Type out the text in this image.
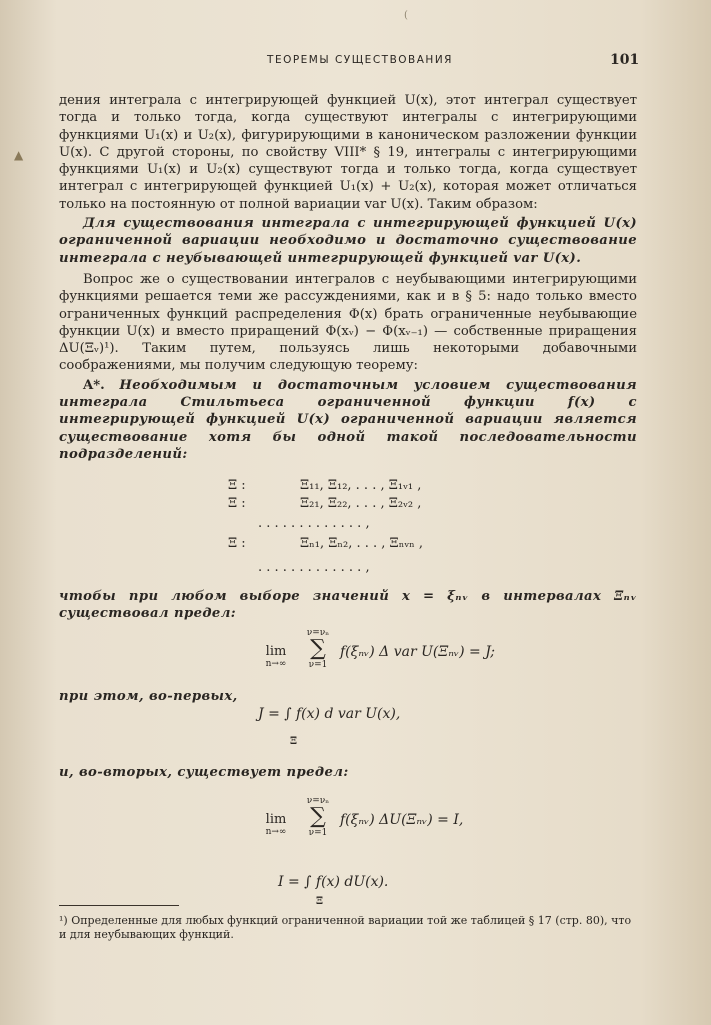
(
▲
ТЕОРЕМЫ СУЩЕСТВОВАНИЯ	101

дения интеграла с интегрирующей функцией U(x), этот интеграл существует тогда и только тогда, когда существуют интегралы с интегрирующими функциями U₁(x) и U₂(x), фигурирующими в каноническом разложении функции U(x). С другой стороны, по свойству VIII* § 19, интегралы с интегрирующими функциями U₁(x) и U₂(x) существуют тогда и только тогда, когда существует интеграл с интегрирующей функцией U₁(x) + U₂(x), которая может отличаться только на постоянную от полной вариации var U(x). Таким образом:

Для существования интеграла с интегрирующей функцией U(x) ограниченной вариации необходимо и достаточно существование интеграла с неубывающей интегрирующей функцией var U(x).

Вопрос же о существовании интегралов с неубывающими интегрирующими функциями решается теми же рассуждениями, как и в § 5: надо только вместо ограниченных функций распределения Φ(x) брать ограниченные неубывающие функции U(x) и вместо приращений Φ(xᵥ) − Φ(xᵥ₋₁) — собственные приращения ΔU(Ξᵥ)¹). Таким путем, пользуясь лишь некоторыми добавочными соображениями, мы получим следующую теорему:

A*. Необходимым и достаточным условием существования интеграла Стильтьеса ограниченной функции f(x) с интегрирующей функцией U(x) ограниченной вариации является существование хотя бы одной такой последовательности подразделений:

Ξ :	Ξ₁₁, Ξ₁₂, . . . , Ξ₁ᵥ₁ ,
Ξ :	Ξ₂₁, Ξ₂₂, . . . , Ξ₂ᵥ₂ ,
. . . . . . . . . . . . . ,
Ξ :	Ξₙ₁, Ξₙ₂, . . . , Ξₙᵥₙ ,
. . . . . . . . . . . . . ,

чтобы при любом выборе значений x = ξₙᵥ в интервалах Ξₙᵥ существовал предел:

lim
n→∞
ν=νₙ
∑
ν=1
f(ξₙᵥ) Δ var U(Ξₙᵥ) = J;

при этом, во-первых,

J = ∫ f(x) d var U(x),
Ξ

и, во-вторых, существует предел:

lim
n→∞
ν=νₙ
∑
ν=1
f(ξₙᵥ) ΔU(Ξₙᵥ) = I,
I = ∫ f(x) dU(x).
Ξ
¹) Определенные для любых функций ограниченной вариации той же таблицей § 17 (стр. 80), что и для неубывающих функций.
